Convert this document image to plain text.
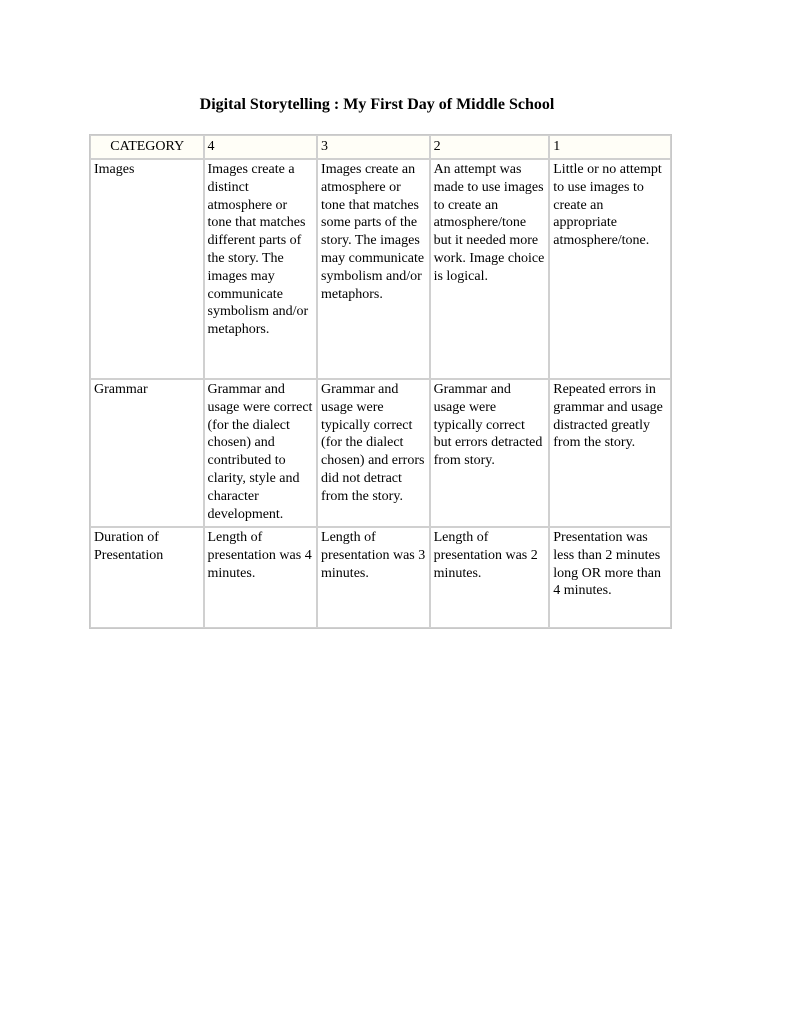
Digital Storytelling : My First Day of Middle School
CATEGORY	4	3	2	1
Images	Images create a distinct atmosphere or tone that matches different parts of the story. The images may communicate symbolism and/or metaphors.	Images create an atmosphere or tone that matches some parts of the story. The images may communicate symbolism and/or metaphors.	An attempt was made to use images to create an atmosphere/tone but it needed more work. Image choice is logical.	Little or no attempt to use images to create an appropriate atmosphere/tone.
Grammar	Grammar and usage were correct (for the dialect chosen) and contributed to clarity, style and character development.	Grammar and usage were typically correct (for the dialect chosen) and errors did not detract from the story.	Grammar and usage were typically correct but errors detracted from story.	Repeated errors in grammar and usage distracted greatly from the story.
Duration of Presentation	Length of presentation was 4 minutes.	Length of presentation was 3 minutes.	Length of presentation was 2 minutes.	Presentation was less than 2 minutes long OR more than 4 minutes.
